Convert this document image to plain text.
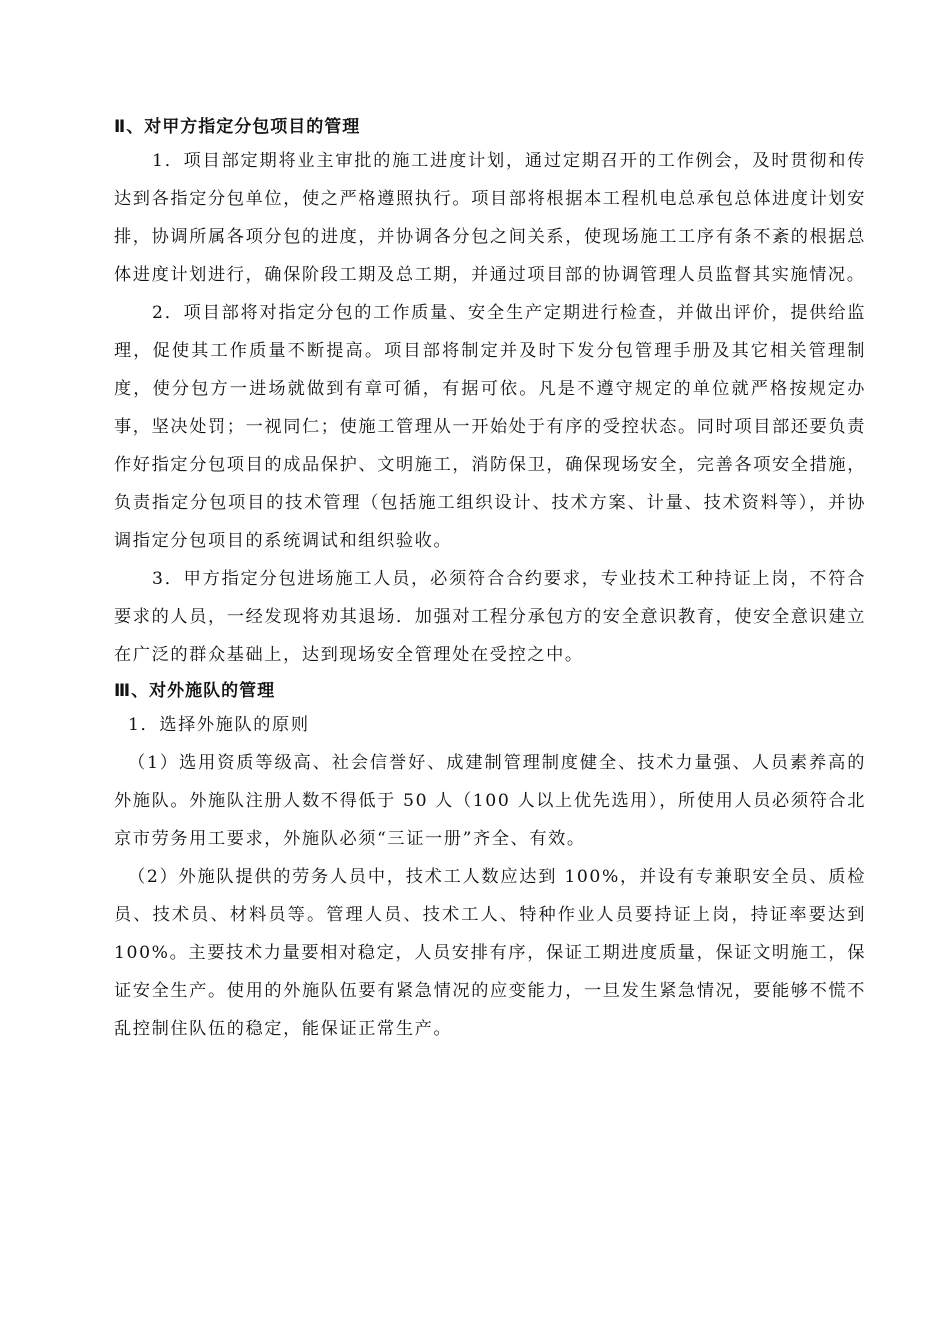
Ⅱ、对甲方指定分包项目的管理

1．项目部定期将业主审批的施工进度计划，通过定期召开的工作例会，及时贯彻和传达到各指定分包单位，使之严格遵照执行。项目部将根据本工程机电总承包总体进度计划安排，协调所属各项分包的进度，并协调各分包之间关系，使现场施工工序有条不紊的根据总体进度计划进行，确保阶段工期及总工期，并通过项目部的协调管理人员监督其实施情况。

2．项目部将对指定分包的工作质量、安全生产定期进行检查，并做出评价，提供给监理，促使其工作质量不断提高。项目部将制定并及时下发分包管理手册及其它相关管理制度，使分包方一进场就做到有章可循，有据可依。凡是不遵守规定的单位就严格按规定办事，坚决处罚；一视同仁；使施工管理从一开始处于有序的受控状态。同时项目部还要负责作好指定分包项目的成品保护、文明施工，消防保卫，确保现场安全，完善各项安全措施，负责指定分包项目的技术管理（包括施工组织设计、技术方案、计量、技术资料等），并协调指定分包项目的系统调试和组织验收。

3．甲方指定分包进场施工人员，必须符合合约要求，专业技术工种持证上岗，不符合要求的人员，一经发现将劝其退场．加强对工程分承包方的安全意识教育，使安全意识建立在广泛的群众基础上，达到现场安全管理处在受控之中。

Ⅲ、对外施队的管理

1．选择外施队的原则

（1）选用资质等级高、社会信誉好、成建制管理制度健全、技术力量强、人员素养高的外施队。外施队注册人数不得低于 50 人（100 人以上优先选用），所使用人员必须符合北京市劳务用工要求，外施队必须“三证一册”齐全、有效。

（2）外施队提供的劳务人员中，技术工人数应达到 100%，并设有专兼职安全员、质检员、技术员、材料员等。管理人员、技术工人、特种作业人员要持证上岗，持证率要达到 100%。主要技术力量要相对稳定，人员安排有序，保证工期进度质量，保证文明施工，保证安全生产。使用的外施队伍要有紧急情况的应变能力，一旦发生紧急情况，要能够不慌不乱控制住队伍的稳定，能保证正常生产。
